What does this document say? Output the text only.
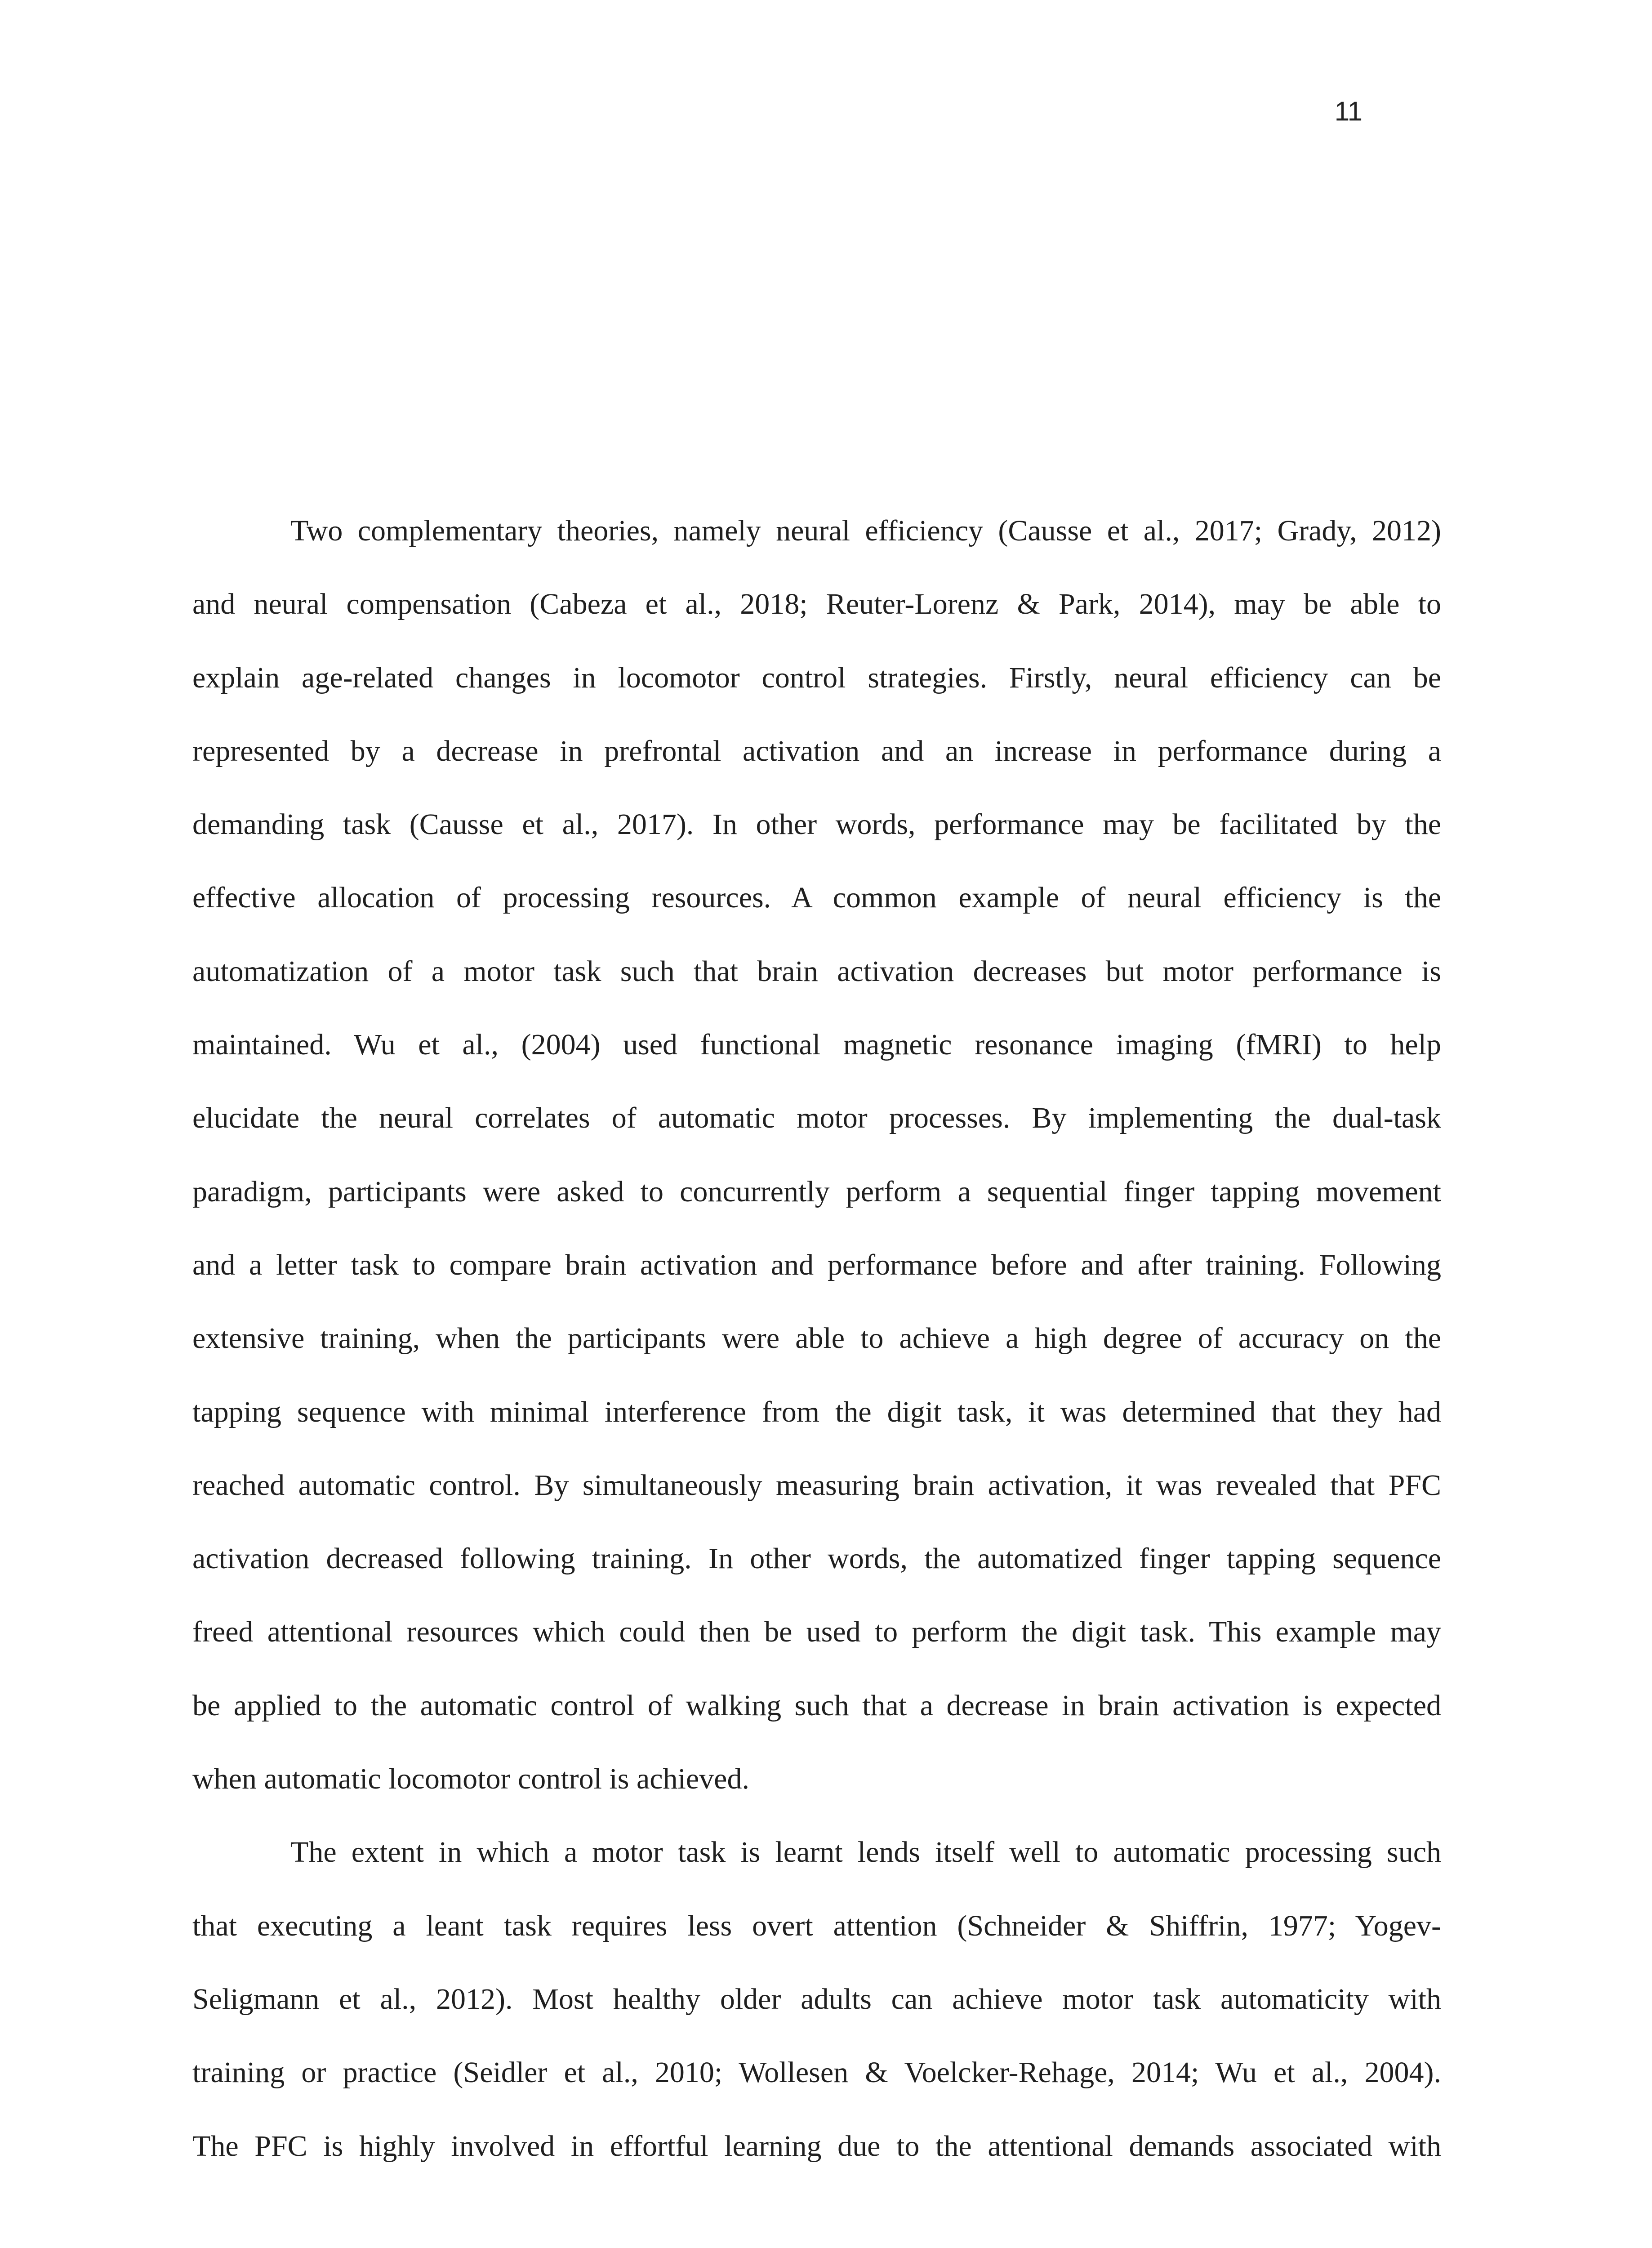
11

Two complementary theories, namely neural efficiency (Causse et al., 2017; Grady, 2012)
and neural compensation (Cabeza et al., 2018; Reuter-Lorenz & Park, 2014), may be able to
explain age-related changes in locomotor control strategies. Firstly, neural efficiency can be
represented by a decrease in prefrontal activation and an increase in performance during a
demanding task (Causse et al., 2017). In other words, performance may be facilitated by the
effective allocation of processing resources. A common example of neural efficiency is the
automatization of a motor task such that brain activation decreases but motor performance is
maintained. Wu et al., (2004) used functional magnetic resonance imaging (fMRI) to help
elucidate the neural correlates of automatic motor processes. By implementing the dual-task
paradigm, participants were asked to concurrently perform a sequential finger tapping movement
and a letter task to compare brain activation and performance before and after training. Following
extensive training, when the participants were able to achieve a high degree of accuracy on the
tapping sequence with minimal interference from the digit task, it was determined that they had
reached automatic control. By simultaneously measuring brain activation, it was revealed that PFC
activation decreased following training. In other words, the automatized finger tapping sequence
freed attentional resources which could then be used to perform the digit task. This example may
be applied to the automatic control of walking such that a decrease in brain activation is expected
when automatic locomotor control is achieved.

The extent in which a motor task is learnt lends itself well to automatic processing such
that executing a leant task requires less overt attention (Schneider & Shiffrin, 1977; Yogev-
Seligmann et al., 2012). Most healthy older adults can achieve motor task automaticity with
training or practice (Seidler et al., 2010; Wollesen & Voelcker-Rehage, 2014; Wu et al., 2004).
The PFC is highly involved in effortful learning due to the attentional demands associated with
